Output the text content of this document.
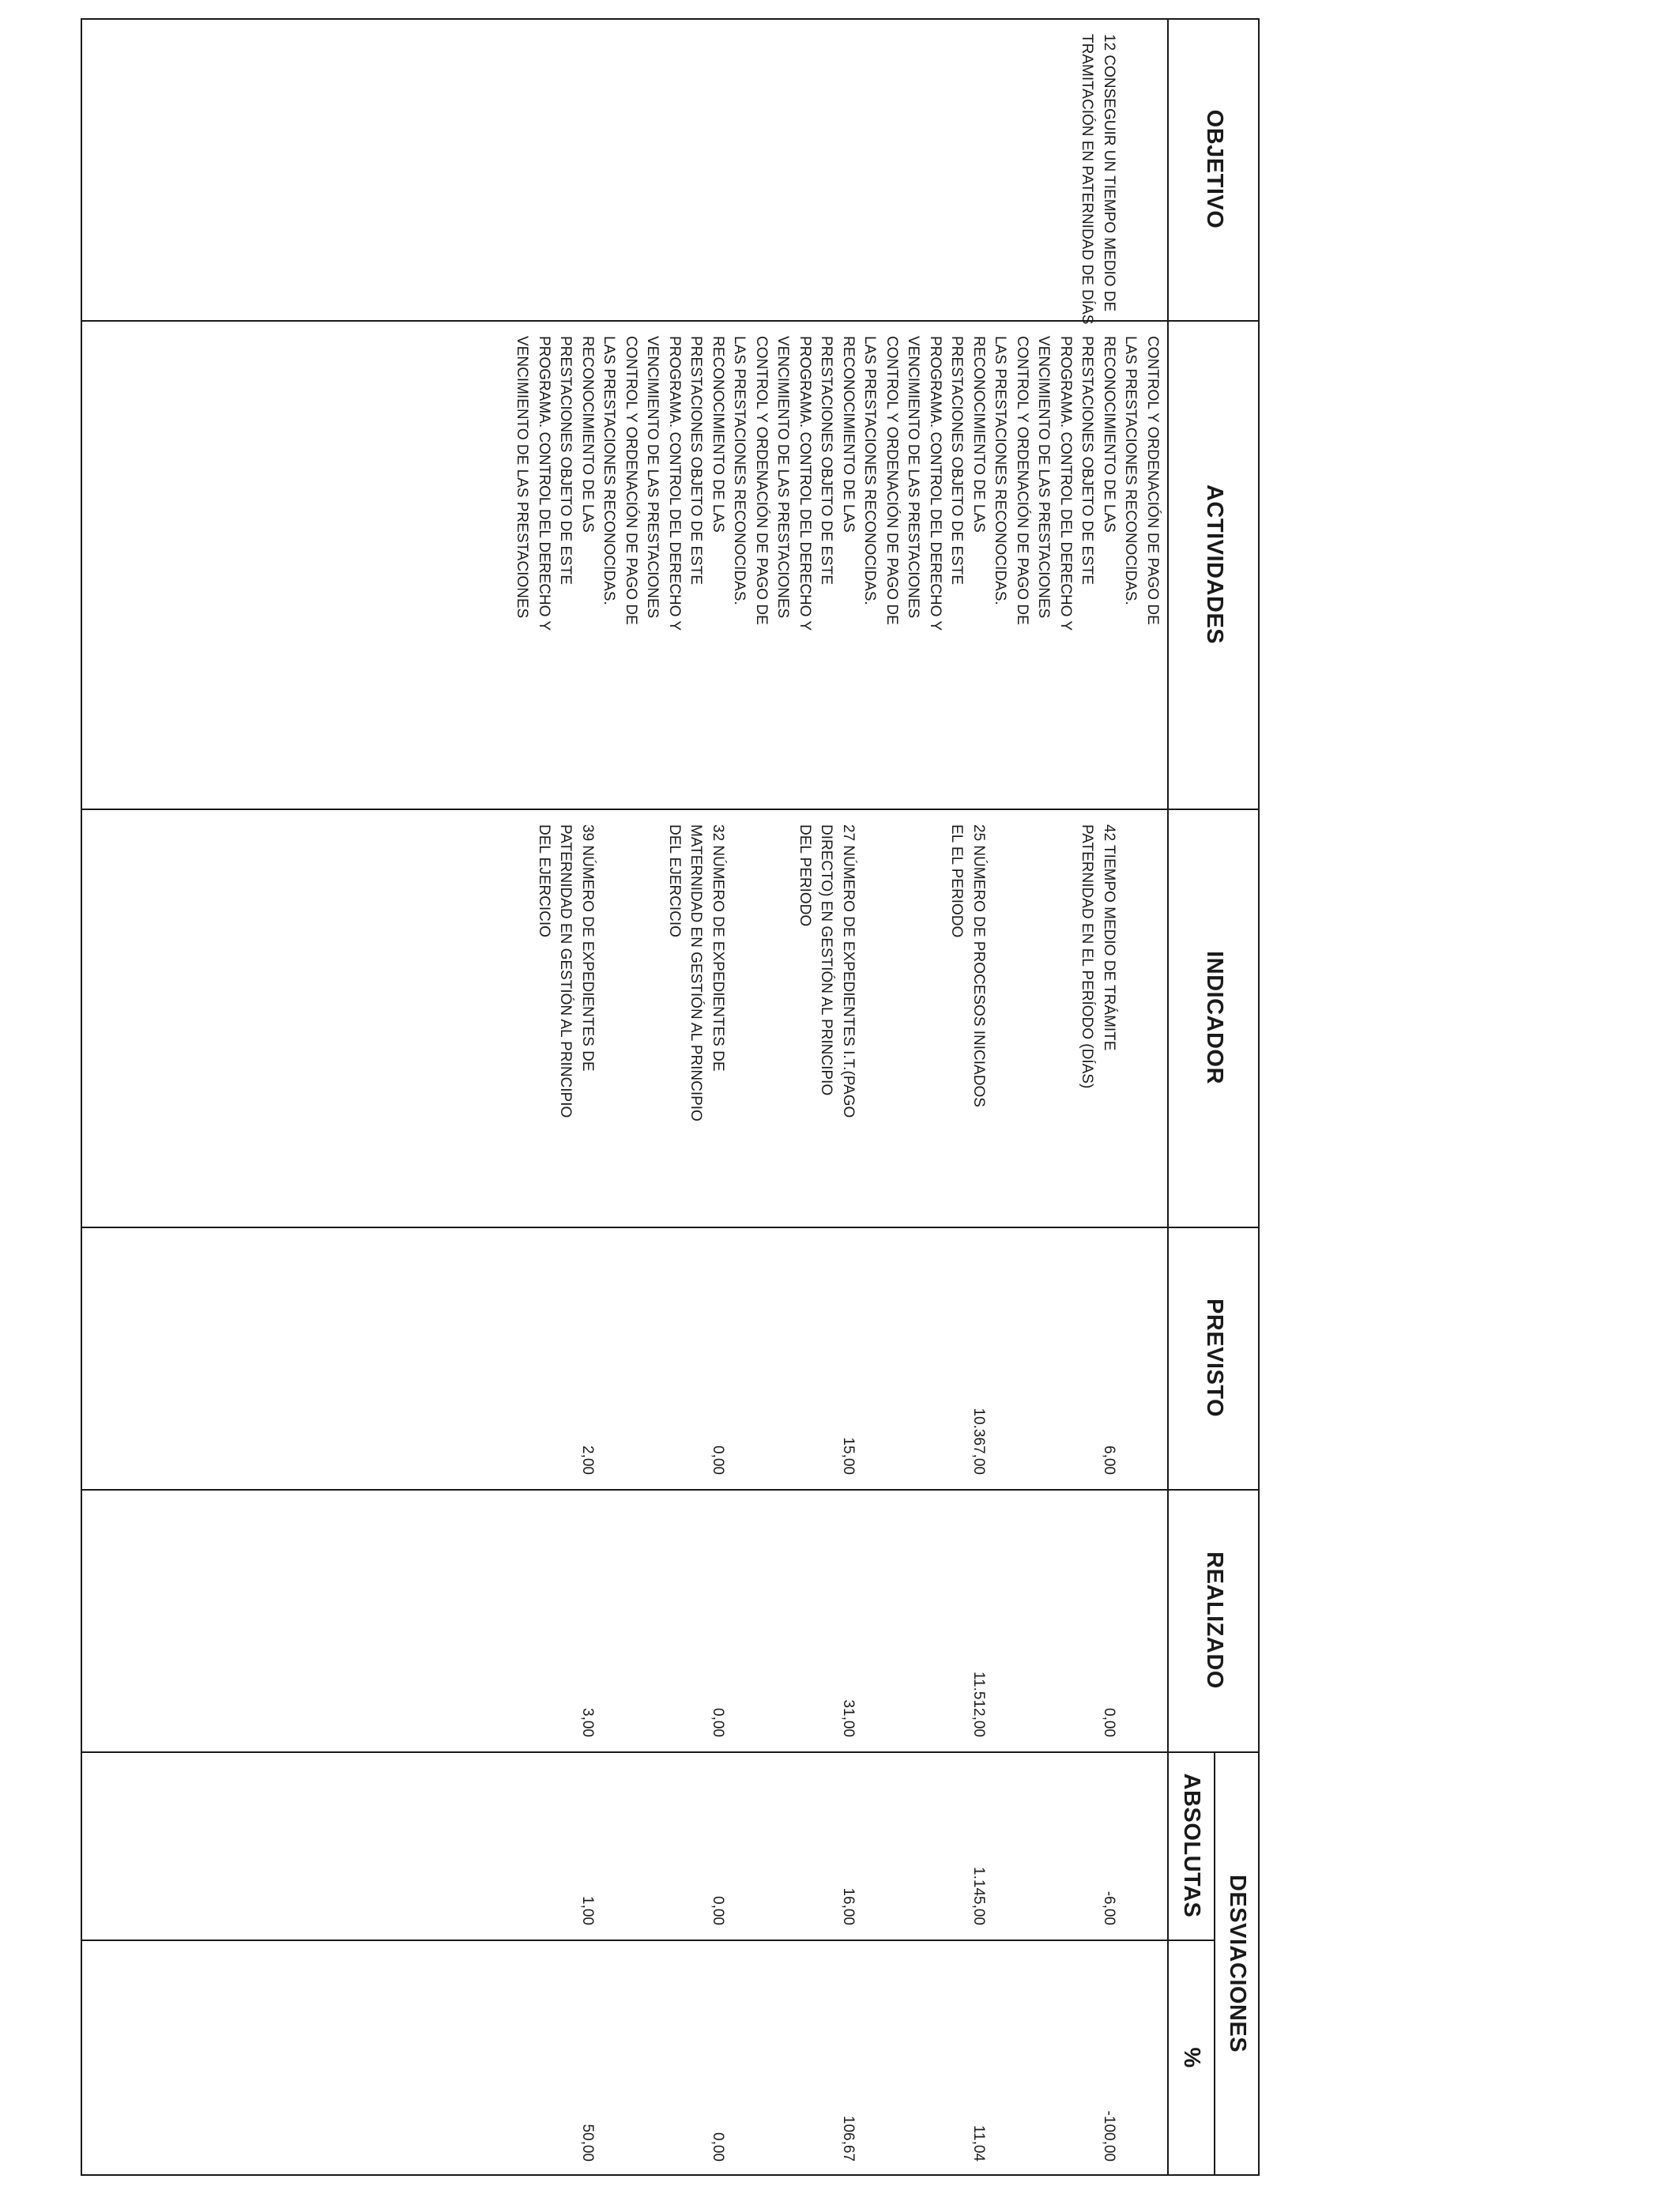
OBJETIVO
ACTIVIDADES
INDICADOR
PREVISTO
REALIZADO
DESVIACIONES
ABSOLUTAS
%
12 CONSEGUIR UN TIEMPO MEDIO DE
TRAMITACIÓN EN PATERNIDAD DE DÍAS
CONTROL Y ORDENACIÓN DE PAGO DE
LAS PRESTACIONES RECONOCIDAS.
RECONOCIMIENTO DE LAS
PRESTACIONES OBJETO DE ESTE
PROGRAMA. CONTROL DEL DERECHO Y
VENCIMIENTO DE LAS PRESTACIONES
CONTROL Y ORDENACIÓN DE PAGO DE
LAS PRESTACIONES RECONOCIDAS.
RECONOCIMIENTO DE LAS
PRESTACIONES OBJETO DE ESTE
PROGRAMA. CONTROL DEL DERECHO Y
VENCIMIENTO DE LAS PRESTACIONES
CONTROL Y ORDENACIÓN DE PAGO DE
LAS PRESTACIONES RECONOCIDAS.
RECONOCIMIENTO DE LAS
PRESTACIONES OBJETO DE ESTE
PROGRAMA. CONTROL DEL DERECHO Y
VENCIMIENTO DE LAS PRESTACIONES
CONTROL Y ORDENACIÓN DE PAGO DE
LAS PRESTACIONES RECONOCIDAS.
RECONOCIMIENTO DE LAS
PRESTACIONES OBJETO DE ESTE
PROGRAMA. CONTROL DEL DERECHO Y
VENCIMIENTO DE LAS PRESTACIONES
CONTROL Y ORDENACIÓN DE PAGO DE
LAS PRESTACIONES RECONOCIDAS.
RECONOCIMIENTO DE LAS
PRESTACIONES OBJETO DE ESTE
PROGRAMA. CONTROL DEL DERECHO Y
VENCIMIENTO DE LAS PRESTACIONES
42 TIEMPO MEDIO DE TRÁMITE
PATERNIDAD EN EL PERÍODO (DÍAS)
6,00
0,00
-6,00
-100,00
25 NÚMERO DE PROCESOS INICIADOS
EL EL PERIODO
10.367,00
11.512,00
1.145,00
11,04
27 NÚMERO DE EXPEDIENTES I.T.(PAGO
DIRECTO) EN GESTIÓN AL PRINCIPIO
DEL PERIODO
15,00
31,00
16,00
106,67
32 NÚMERO DE EXPEDIENTES DE
MATERNIDAD EN GESTIÓN AL PRINCIPIO
DEL EJERCICIO
0,00
0,00
0,00
0,00
39 NÚMERO DE EXPEDIENTES DE
PATERNIDAD EN GESTIÓN AL PRINCIPIO
DEL EJERCICIO
2,00
3,00
1,00
50,00
